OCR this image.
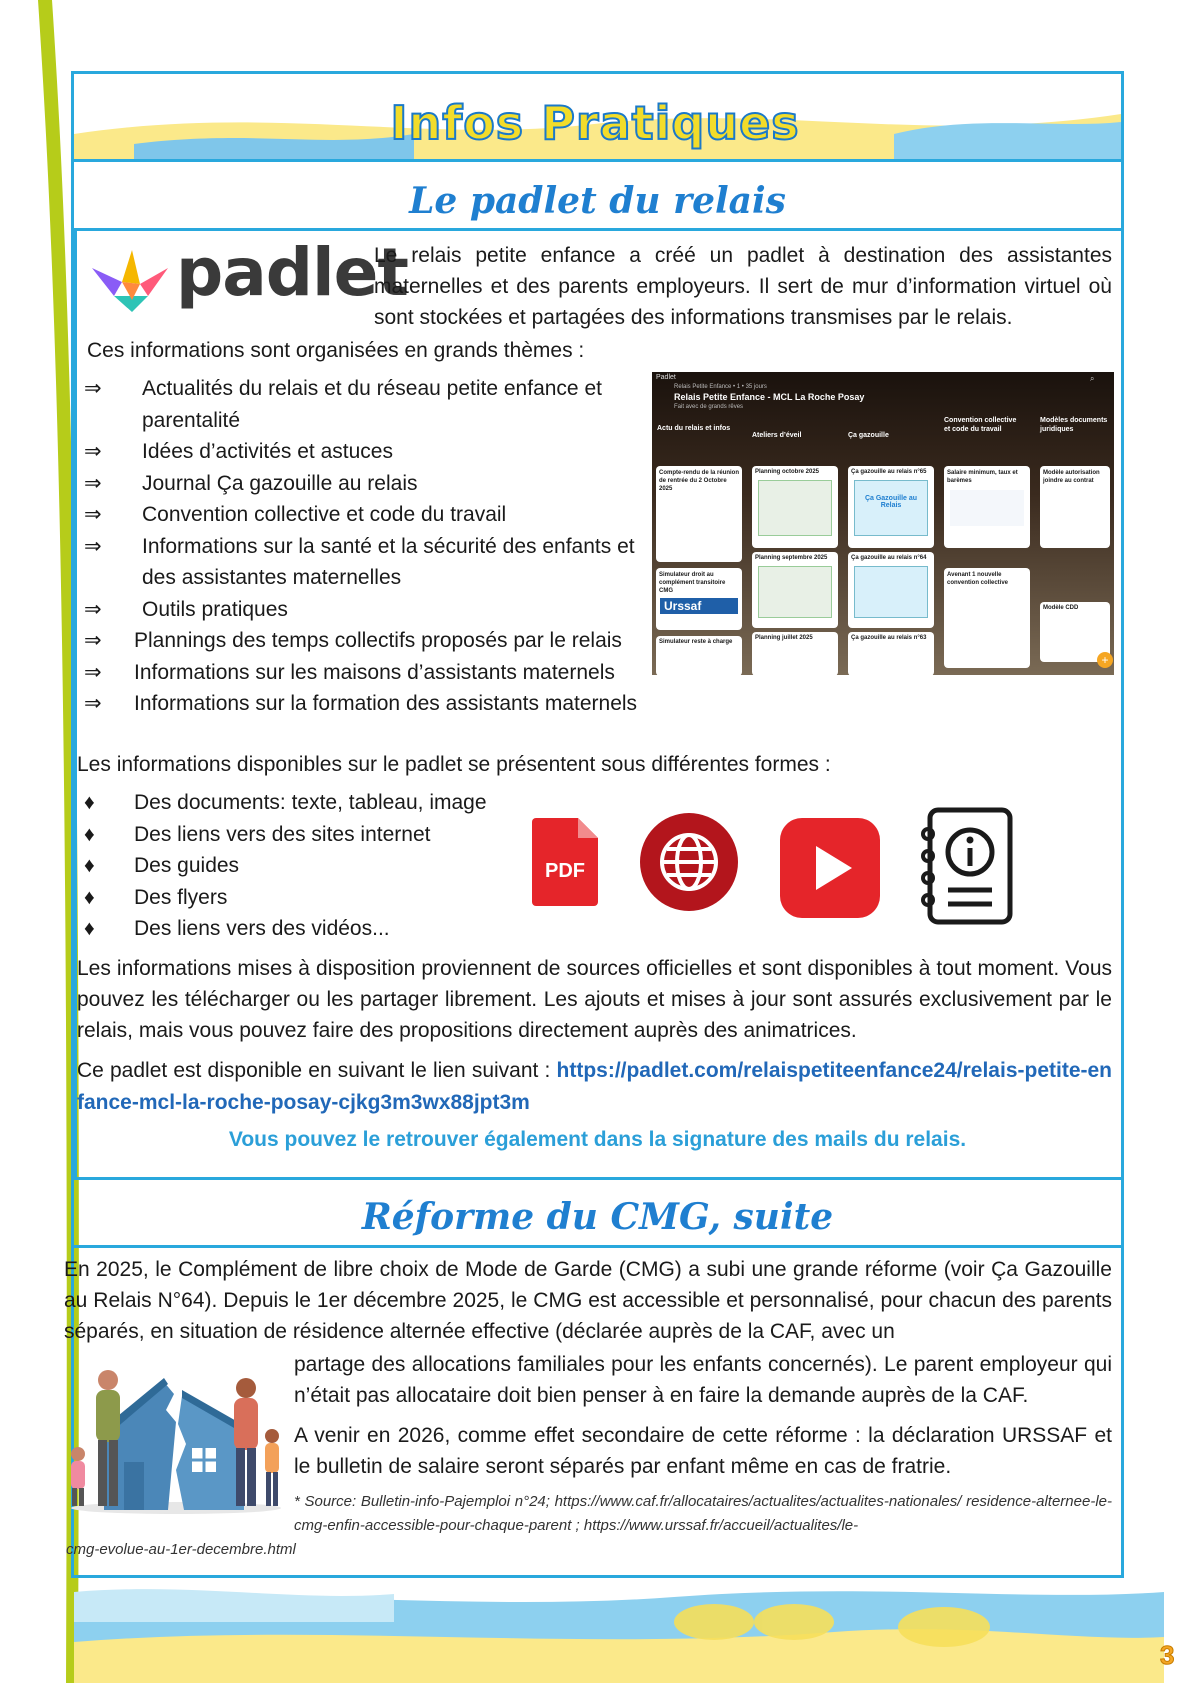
Infos Pratiques
Le padlet du relais
padlet

Le relais petite enfance a créé un padlet à destination des assistantes maternelles et des parents employeurs. Il sert de mur d’information virtuel où sont stockées et partagées des informations transmises par le relais.

Ces informations sont organisées en grands thèmes :

⇒ Actualités du relais et du réseau petite enfance et parentalité
⇒ Idées d’activités et astuces
⇒ Journal Ça gazouille au relais
⇒ Convention collective et code du travail
⇒ Informations sur la santé et la sécurité des enfants et des assistantes maternelles
⇒ Outils pratiques
⇒ Plannings des temps collectifs proposés par le relais
⇒ Informations sur les maisons d’assistants maternels
⇒ Informations sur la formation des assistants maternels
Padlet
Relais Petite Enfance • 1 • 35 jours
Relais Petite Enfance - MCL La Roche Posay
Fait avec de grands rêves
⌕
Actu du relais et infos
Ateliers d’éveil	Ça gazouille
Convention collective et code du travail
Modèles documents juridiques
Compte-rendu de la réunion de rentrée du 2 Octobre 2025
Planning octobre 2025	Ça gazouille au relais n°65
Ça Gazouille au Relais
Salaire minimum, taux et barèmes
Modèle autorisation joindre au contrat
Simulateur droit au complément transitoire CMG
Urssaf
Planning septembre 2025	Ça gazouille au relais n°64
Avenant 1 nouvelle convention collective
Modèle CDD
Simulateur reste à charge
Planning juillet 2025	Ça gazouille au relais n°63
+

Les informations disponibles sur le padlet se présentent sous différentes formes :

♦ Des documents: texte, tableau, image
♦ Des liens vers des sites internet
♦ Des guides
♦ Des flyers
♦ Des liens vers des vidéos...
PDF

Les informations mises à disposition proviennent de sources officielles et sont disponibles à tout moment. Vous pouvez les télécharger ou les partager librement. Les ajouts et mises à jour sont assurés exclusivement par le relais, mais vous pouvez faire des propositions directement auprès des animatrices.

Ce padlet est disponible en suivant le lien suivant : https://padlet.com/relaispetiteenfance24/relais-petite-enfance-mcl-la-roche-posay-cjkg3m3wx88jpt3m

Vous pouvez le retrouver également dans la signature des mails du relais.
Réforme du CMG, suite

En 2025, le Complément de libre choix de Mode de Garde (CMG) a subi une grande réforme (voir Ça Gazouille au Relais N°64). Depuis le 1er décembre 2025, le CMG est accessible et personnalisé, pour chacun des parents séparés, en situation de résidence alternée effective (déclarée auprès de la CAF, avec un

partage des allocations familiales pour les enfants concernés). Le parent employeur qui n’était pas allocataire doit bien penser à en faire la demande auprès de la CAF.

A venir en 2026, comme effet secondaire de cette réforme : la déclaration URSSAF et le bulletin de salaire seront séparés par enfant même en cas de fratrie.

* Source: Bulletin-info-Pajemploi n°24; https://www.caf.fr/allocataires/actualites/actualites-nationales/ residence-alternee-le-cmg-enfin-accessible-pour-chaque-parent ; https://www.urssaf.fr/accueil/actualites/le-

cmg-evolue-au-1er-decembre.html

3
